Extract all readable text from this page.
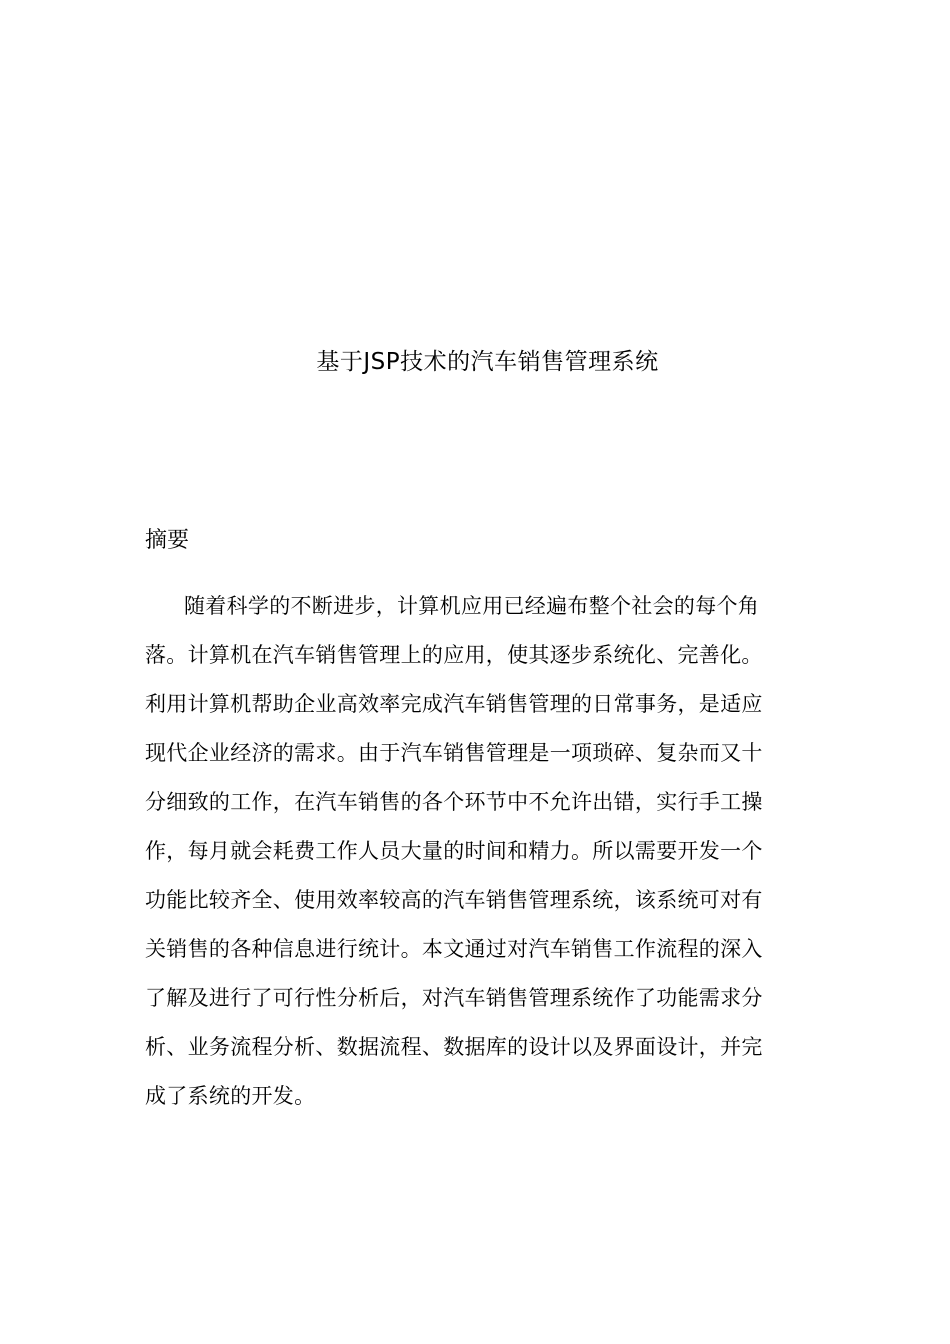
基于JSP技术的汽车销售管理系统
摘要
随着科学的不断进步，计算机应用已经遍布整个社会的每个角
落。计算机在汽车销售管理上的应用，使其逐步系统化、完善化。
利用计算机帮助企业高效率完成汽车销售管理的日常事务，是适应
现代企业经济的需求。由于汽车销售管理是一项琐碎、复杂而又十
分细致的工作，在汽车销售的各个环节中不允许出错，实行手工操
作，每月就会耗费工作人员大量的时间和精力。所以需要开发一个
功能比较齐全、使用效率较高的汽车销售管理系统，该系统可对有
关销售的各种信息进行统计。本文通过对汽车销售工作流程的深入
了解及进行了可行性分析后，对汽车销售管理系统作了功能需求分
析、业务流程分析、数据流程、数据库的设计以及界面设计，并完
成了系统的开发。
